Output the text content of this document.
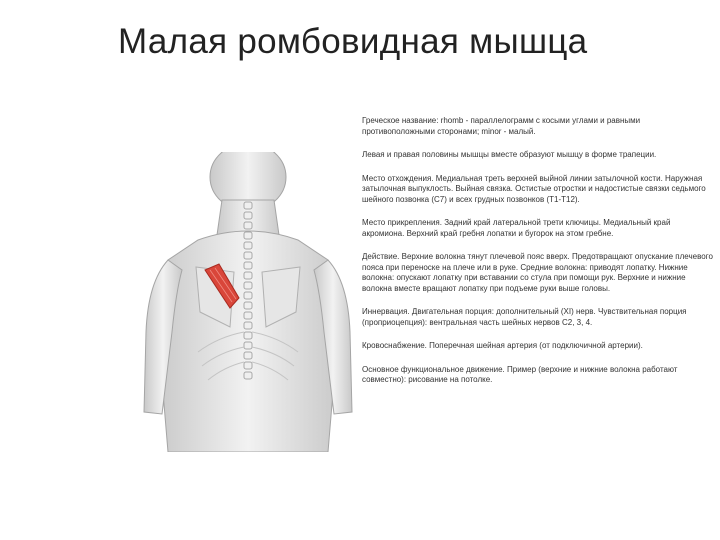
Малая ромбовидная мышца

Греческое название: rhomb - параллелограмм с косыми углами и равными противоположными сторонами; minor - малый.

Левая и правая половины мышцы вместе образуют мышцу в форме трапеции.

Место отхождения. Медиальная треть верхней выйной линии затылочной кости. Наружная затылочная выпуклость. Выйная связка. Остистые отростки и надостистые связки седьмого шейного позвонка (С7) и всех грудных позвонков (Т1-Т12).

Место прикрепления. Задний край латеральной трети ключицы. Медиальный край акромиона. Верхний край гребня лопатки и бугорок на этом гребне.

Действие. Верхние волокна тянут плечевой пояс вверх. Предотвращают опускание плечевого пояса при переноске на плече или в руке. Средние волокна: приводят лопатку. Нижние волокна: опускают лопатку при вставании со стула при помощи рук. Верхние и нижние волокна вместе вращают лопатку при подъеме руки выше головы.

Иннервация. Двигательная порция: дополнительный (XI) нерв. Чувствительная порция (проприоцепция): вентральная часть шейных нервов С2, 3, 4.

Кровоснабжение. Поперечная шейная артерия (от подключичной артерии).

Основное функциональное движение. Пример (верхние и нижние волокна работают совместно): рисование на потолке.
